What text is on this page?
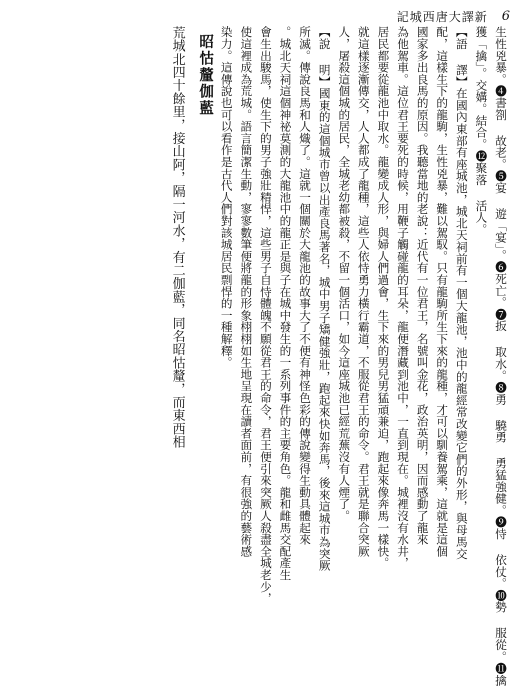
記城西唐大譯新 6
生性兇暴。❹書劄 故老。❺宴 遊「宴」。❻死亡。❼扳 取水。❽勇 驍勇 勇猛強健。❾恃 依仗。❿勢 服從。⓫擒
獲「擒」。交媾。結合。⓬聚落 活人。
【語 譯】在國內東部有座城池，城北天祠前有一個大龍池，池中的龍經常改變它們的外形，與母馬交
配，這樣生下的龍駒，生性兇暴，難以駕馭。只有龍駒所生下來的龍種，才可以馴養駕乘，這就是這個
國家多出良馬的原因。我聽當地的老說：近代有一位君王，名號叫金花，政治英明，因而感動了龍來
為他駕車。這位君王要死的時候，用鞭子觸碰龍的耳朵，龍便潛藏到池中，一直到現在。城裡沒有水井，
居民都要從龍池中取水。龍變成人形，與婦人們過會，生下來的男兒男猛頑兼迫，跑起來像奔馬一樣快。
就這樣逐漸傳交，人人都成了龍種，這些人依恃勇力橫行霸道，不服從君王的命令。君王就是聯合突厥
人，屠殺這個城的居民，全城老幼都被殺，不留一個活口，如今這座城池已經荒蕪沒有人煙了。
【說 明】國東的這個城市曾以出產良馬著名，城中男子矯健強壯，跑起來快如奔馬，後來這城市為突厥
所滅。傳說良馬和人熾了。這就一個關於大龍池的故事大了不便有神怪色彩的傳說變得生動具體起來
。城北天祠這個神祕莫測的大龍池中的龍正是與子在城中發生的一系列事件的主要角色。龍和雌馬交配產生
會生出駿馬，使生下的男子強壯精悍，這些男子自恃體魄不願從君王的命令，君王便引來突厥人殺盡全城老少，
使這裡成為荒城。語言簡潔生動，寥寥數筆便將龍的形象栩栩如生地呈現在讀者面前，有很強的藝術感
染力。這傳說也可以看作是古代人們對該城居民剽悍的一種解釋。
昭怙釐伽藍
荒城北四十餘里，接山阿，隔一河水，有二伽藍，同名昭怙釐，而東西相
